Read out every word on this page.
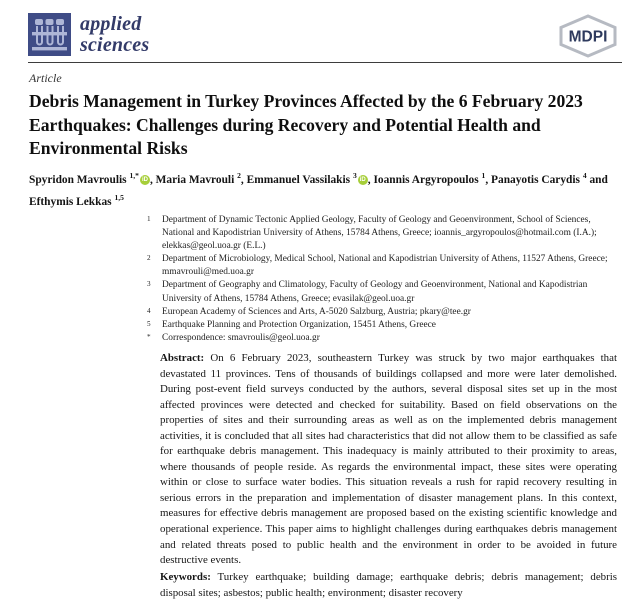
applied
sciences	MDPI
Article
Debris Management in Turkey Provinces Affected by the 6 February 2023 Earthquakes: Challenges during Recovery and Potential Health and Environmental Risks
Spyridon Mavroulis $^{1,*}$ iD , Maria Mavrouli $^2$, Emmanuel Vassilakis $^3$ iD , Ioannis Argyropoulos $^1$, Panayotis Carydis $^4$ and Efthymis Lekkas $^{1,5}$
1	Department of Dynamic Tectonic Applied Geology, Faculty of Geology and Geoenvironment, School of Sciences, National and Kapodistrian University of Athens, 15784 Athens, Greece; ioannis_argyropoulos@hotmail.com (I.A.); elekkas@geol.uoa.gr (E.L.)
2	Department of Microbiology, Medical School, National and Kapodistrian University of Athens, 11527 Athens, Greece; mmavrouli@med.uoa.gr
3	Department of Geography and Climatology, Faculty of Geology and Geoenvironment, National and Kapodistrian University of Athens, 15784 Athens, Greece; evasilak@geol.uoa.gr
4	European Academy of Sciences and Arts, A-5020 Salzburg, Austria; pkary@tee.gr
5	Earthquake Planning and Protection Organization, 15451 Athens, Greece
*	Correspondence: smavroulis@geol.uoa.gr
Abstract: On 6 February 2023, southeastern Turkey was struck by two major earthquakes that devastated 11 provinces. Tens of thousands of buildings collapsed and more were later demolished. During post-event field surveys conducted by the authors, several disposal sites set up in the most affected provinces were detected and checked for suitability. Based on field observations on the properties of sites and their surrounding areas as well as on the implemented debris management activities, it is concluded that all sites had characteristics that did not allow them to be classified as safe for earthquake debris management. This inadequacy is mainly attributed to their proximity to areas, where thousands of people reside. As regards the environmental impact, these sites were operating within or close to surface water bodies. This situation reveals a rush for rapid recovery resulting in serious errors in the preparation and implementation of disaster management plans. In this context, measures for effective debris management are proposed based on the existing scientific knowledge and operational experience. This paper aims to highlight challenges during earthquakes debris management and related threats posed to public health and the environment in order to be avoided in future destructive events.
Keywords: Turkey earthquake; building damage; earthquake debris; debris management; debris disposal sites; asbestos; public health; environment; disaster recovery
